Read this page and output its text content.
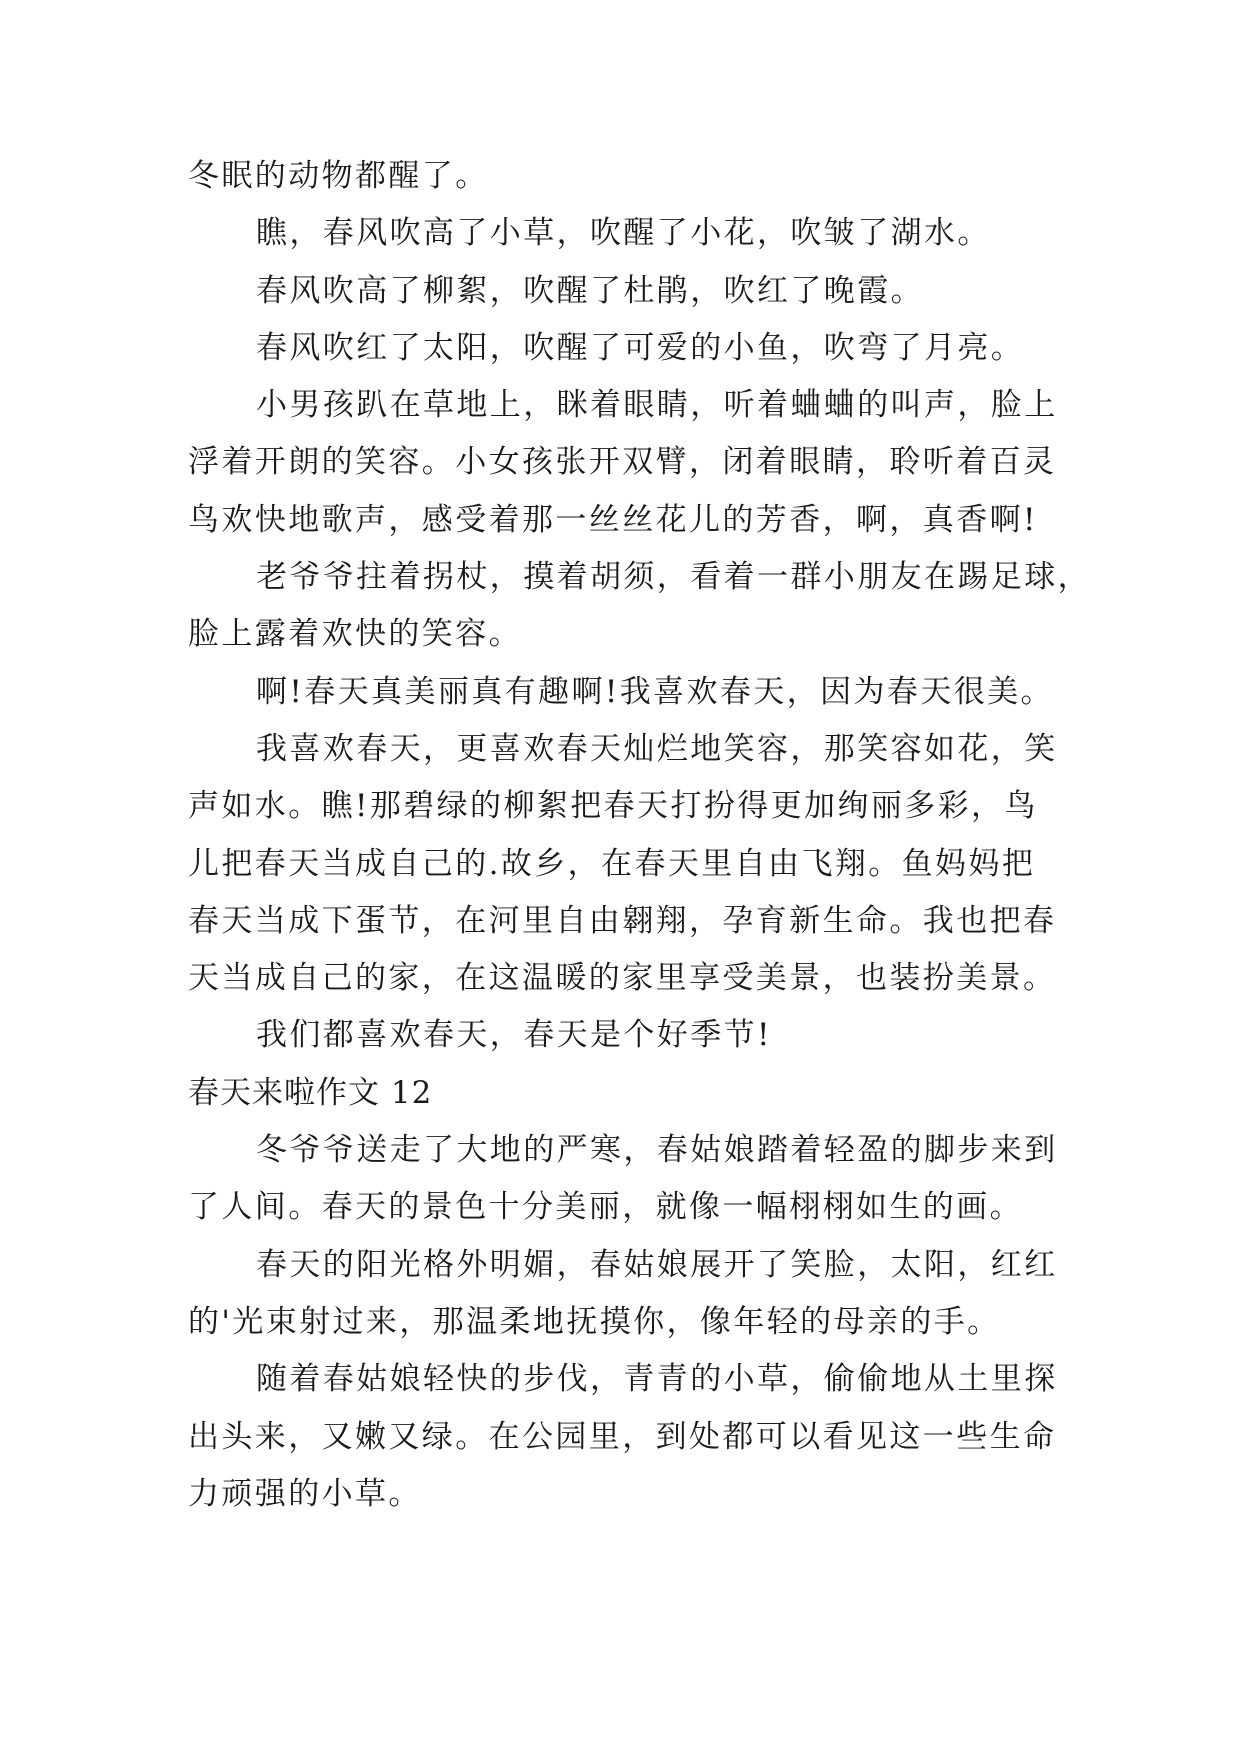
冬眠的动物都醒了。
瞧，春风吹高了小草，吹醒了小花，吹皱了湖水。
春风吹高了柳絮，吹醒了杜鹃，吹红了晚霞。
春风吹红了太阳，吹醒了可爱的小鱼，吹弯了月亮。
小男孩趴在草地上，眯着眼睛，听着蛐蛐的叫声，脸上
浮着开朗的笑容。小女孩张开双臂，闭着眼睛，聆听着百灵
鸟欢快地歌声，感受着那一丝丝花儿的芳香，啊，真香啊!
老爷爷拄着拐杖，摸着胡须，看着一群小朋友在踢足球，
脸上露着欢快的笑容。
啊!春天真美丽真有趣啊!我喜欢春天，因为春天很美。
我喜欢春天，更喜欢春天灿烂地笑容，那笑容如花，笑
声如水。瞧!那碧绿的柳絮把春天打扮得更加绚丽多彩，鸟
儿把春天当成自己的.故乡，在春天里自由飞翔。鱼妈妈把
春天当成下蛋节，在河里自由翱翔，孕育新生命。我也把春
天当成自己的家，在这温暖的家里享受美景，也装扮美景。
我们都喜欢春天，春天是个好季节!
春天来啦作文 12
冬爷爷送走了大地的严寒，春姑娘踏着轻盈的脚步来到
了人间。春天的景色十分美丽，就像一幅栩栩如生的画。
春天的阳光格外明媚，春姑娘展开了笑脸，太阳，红红
的'光束射过来，那温柔地抚摸你，像年轻的母亲的手。
随着春姑娘轻快的步伐，青青的小草，偷偷地从土里探
出头来，又嫩又绿。在公园里，到处都可以看见这一些生命
力顽强的小草。
